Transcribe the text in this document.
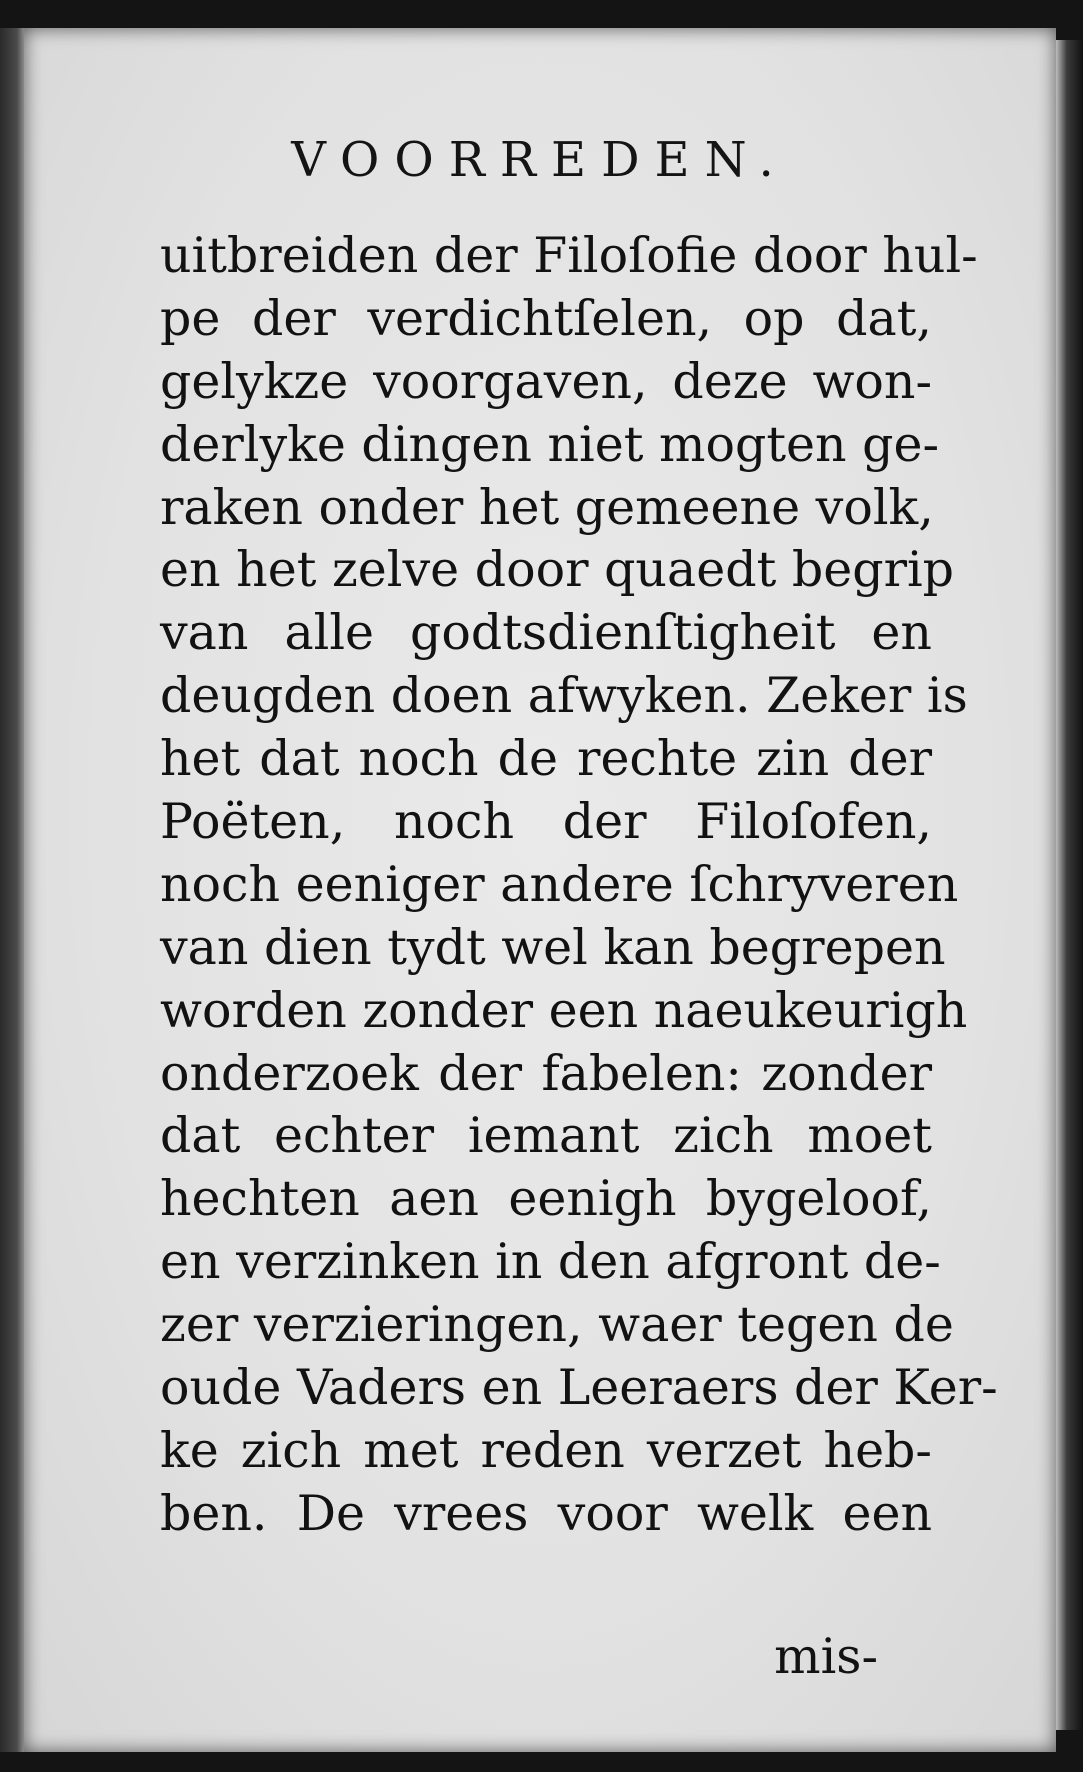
VOORREDEN.
uitbreiden der Filoſofie door hul-
pe der verdichtſelen, op dat,
gelykze voorgaven, deze won-
derlyke dingen niet mogten ge-
raken onder het gemeene volk,
en het zelve door quaedt begrip
van alle godtsdienſtigheit en
deugden doen afwyken. Zeker is
het dat noch de rechte zin der
Poëten, noch der Filoſofen,
noch eeniger andere ſchryveren
van dien tydt wel kan begrepen
worden zonder een naeukeurigh
onderzoek der fabelen: zonder
dat echter iemant zich moet
hechten aen eenigh bygeloof,
en verzinken in den afgront de-
zer verzieringen, waer tegen de
oude Vaders en Leeraers der Ker-
ke zich met reden verzet heb-
ben. De vrees voor welk een
mis-
